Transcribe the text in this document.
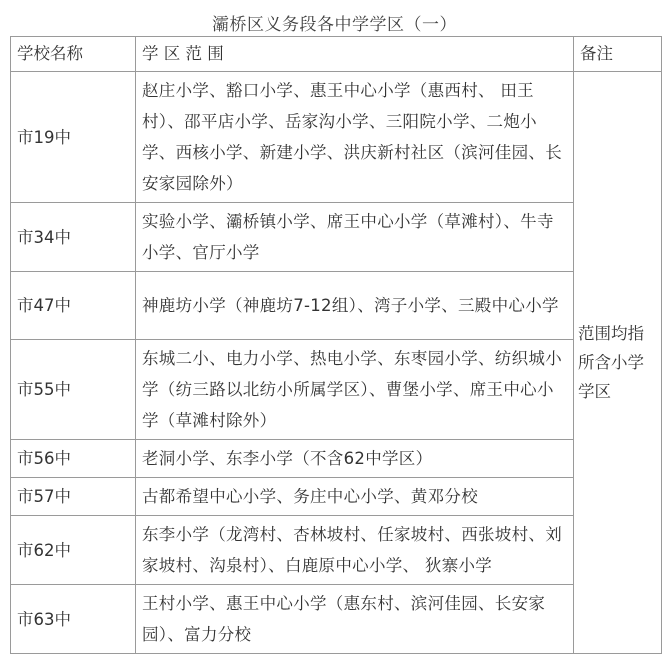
灞桥区义务段各中学学区（一）
学校名称	学 区 范 围	备注
市19中	赵庄小学、豁口小学、惠王中心小学（惠西村、 田王村）、邵平店小学、岳家沟小学、三阳院小学、二炮小学、西核小学、新建小学、洪庆新村社区（滨河佳园、长安家园除外）	范围均指所含小学学区
市34中	实验小学、灞桥镇小学、席王中心小学（草滩村）、牛寺小学、官厅小学	
市47中	神鹿坊小学（神鹿坊7-12组）、湾子小学、三殿中心小学	
市55中	东城二小、电力小学、热电小学、东枣园小学、纺织城小学（纺三路以北纺小所属学区）、曹堡小学、席王中心小学（草滩村除外）	
市56中	老洞小学、东李小学（不含62中学区）	
市57中	古都希望中心小学、务庄中心小学、黄邓分校	
市62中	东李小学（龙湾村、杏林坡村、任家坡村、西张坡村、刘家坡村、沟泉村）、白鹿原中心小学、 狄寨小学	
市63中	王村小学、惠王中心小学（惠东村、滨河佳园、长安家园）、富力分校	
